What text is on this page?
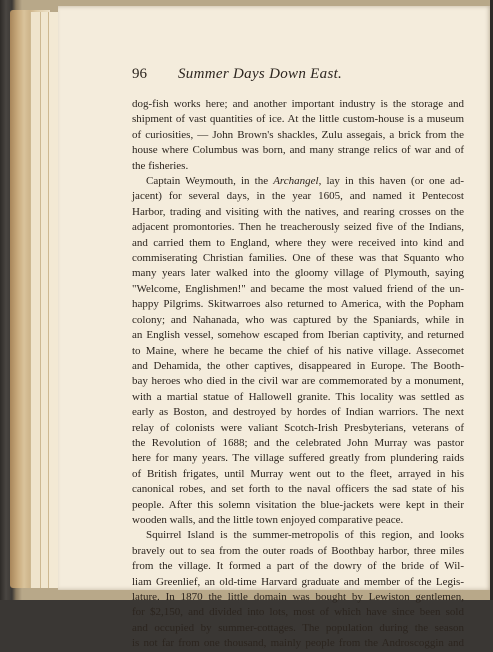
96	Summer Days Down East.

dog-fish works here; and another important industry is the storage and
shipment of vast quantities of ice. At the little custom-house is a museum
of curiosities, — John Brown's shackles, Zulu assegais, a brick from the
house where Columbus was born, and many strange relics of war and of
the fisheries.

Captain Weymouth, in the Archangel, lay in this haven (or one ad-
jacent) for several days, in the year 1605, and named it Pentecost
Harbor, trading and visiting with the natives, and rearing crosses on the
adjacent promontories. Then he treacherously seized five of the Indians,
and carried them to England, where they were received into kind and
commiserating Christian families. One of these was that Squanto who
many years later walked into the gloomy village of Plymouth, saying
"Welcome, Englishmen!" and became the most valued friend of the un-
happy Pilgrims. Skitwarroes also returned to America, with the Popham
colony; and Nahanada, who was captured by the Spaniards, while in
an English vessel, somehow escaped from Iberian captivity, and returned
to Maine, where he became the chief of his native village. Assecomet
and Dehamida, the other captives, disappeared in Europe. The Booth-
bay heroes who died in the civil war are commemorated by a monument,
with a martial statue of Hallowell granite. This locality was settled as
early as Boston, and destroyed by hordes of Indian warriors. The next
relay of colonists were valiant Scotch-Irish Presbyterians, veterans of
the Revolution of 1688; and the celebrated John Murray was pastor
here for many years. The village suffered greatly from plundering raids
of British frigates, until Murray went out to the fleet, arrayed in his
canonical robes, and set forth to the naval officers the sad state of his
people. After this solemn visitation the blue-jackets were kept in their
wooden walls, and the little town enjoyed comparative peace.

Squirrel Island is the summer-metropolis of this region, and looks
bravely out to sea from the outer roads of Boothbay harbor, three miles
from the village. It formed a part of the dowry of the bride of Wil-
liam Greenlief, an old-time Harvard graduate and member of the Legis-
lature. In 1870 the little domain was bought by Lewiston gentlemen,
for $2,150, and divided into lots, most of which have since been sold
and occupied by summer-cottages. The population during the season
is not far from one thousand, mainly people from the Androscoggin and
